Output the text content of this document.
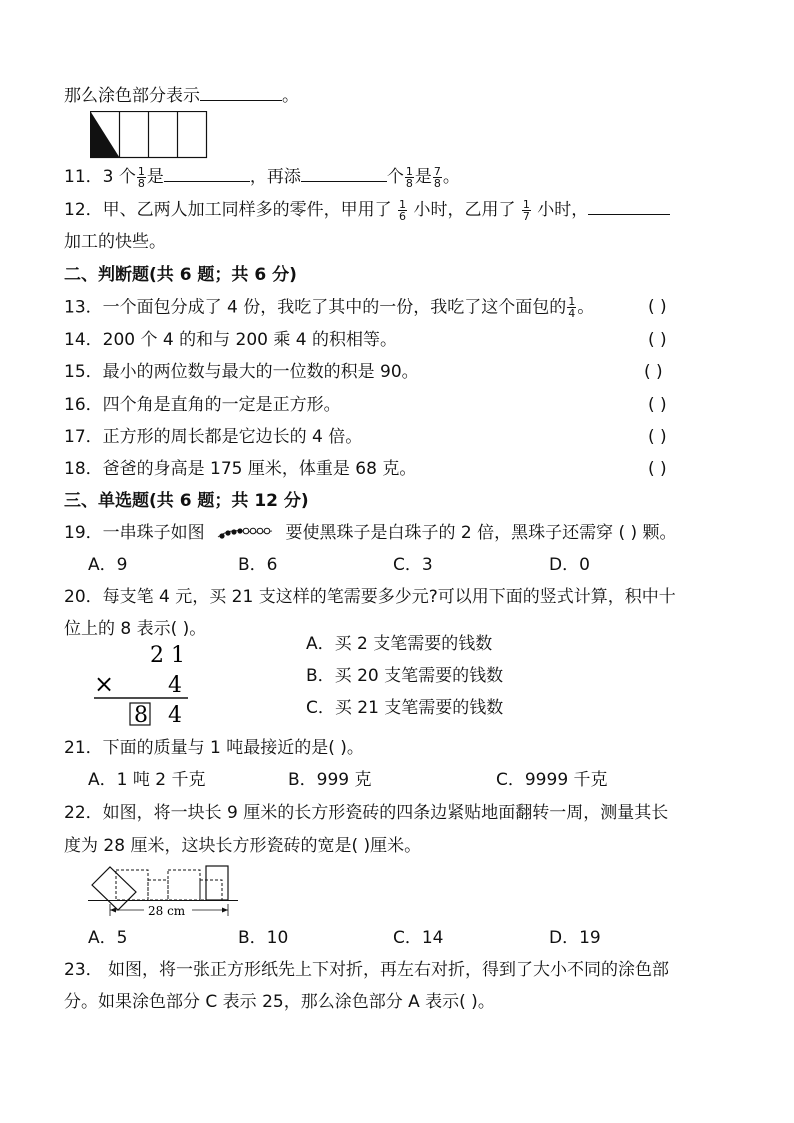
那么涂色部分表示	。
11．3 个 $\frac{1}{8}$ 是	，再添	个 $\frac{1}{8}$ 是 $\frac{7}{8}$ 。
12．甲、乙两人加工同样多的零件，甲用了 $\frac{1}{6}$ 小时，乙用了 $\frac{1}{7}$ 小时，
加工的快些。
二、判断题(共 6 题；共 6 分)
13．一个面包分成了 4 份，我吃了其中的一份，我吃了这个面包的 $\frac{1}{4}$ 。	( )
14．200 个 4 的和与 200 乘 4 的积相等。	( )
15．最小的两位数与最大的一位数的积是 90。	( )
16．四个角是直角的一定是正方形。	( )
17．正方形的周长都是它边长的 4 倍。	( )
18．爸爸的身高是 175 厘米，体重是 68 克。	( )
三、单选题(共 6 题；共 12 分)
19．一串珠子如图	要使黑珠子是白珠子的 2 倍，黑珠子还需穿 ( ) 颗。
A．9	B．6	C．3	D．0
20．每支笔 4 元，买 21 支这样的笔需要多少元?可以用下面的竖式计算，积中十
位上的 8 表示( )。
2 1
× 4
8 4
A．买 2 支笔需要的钱数
B．买 20 支笔需要的钱数
C．买 21 支笔需要的钱数
21．下面的质量与 1 吨最接近的是( )。
A．1 吨 2 千克	B．999 克	C．9999 千克
22．如图，将一块长 9 厘米的长方形瓷砖的四条边紧贴地面翻转一周，测量其长
度为 28 厘米，这块长方形瓷砖的宽是( )厘米。
28 cm
A．5	B．10	C．14	D．19
23． 如图，将一张正方形纸先上下对折，再左右对折，得到了大小不同的涂色部
分。如果涂色部分 C 表示 25，那么涂色部分 A 表示( )。
